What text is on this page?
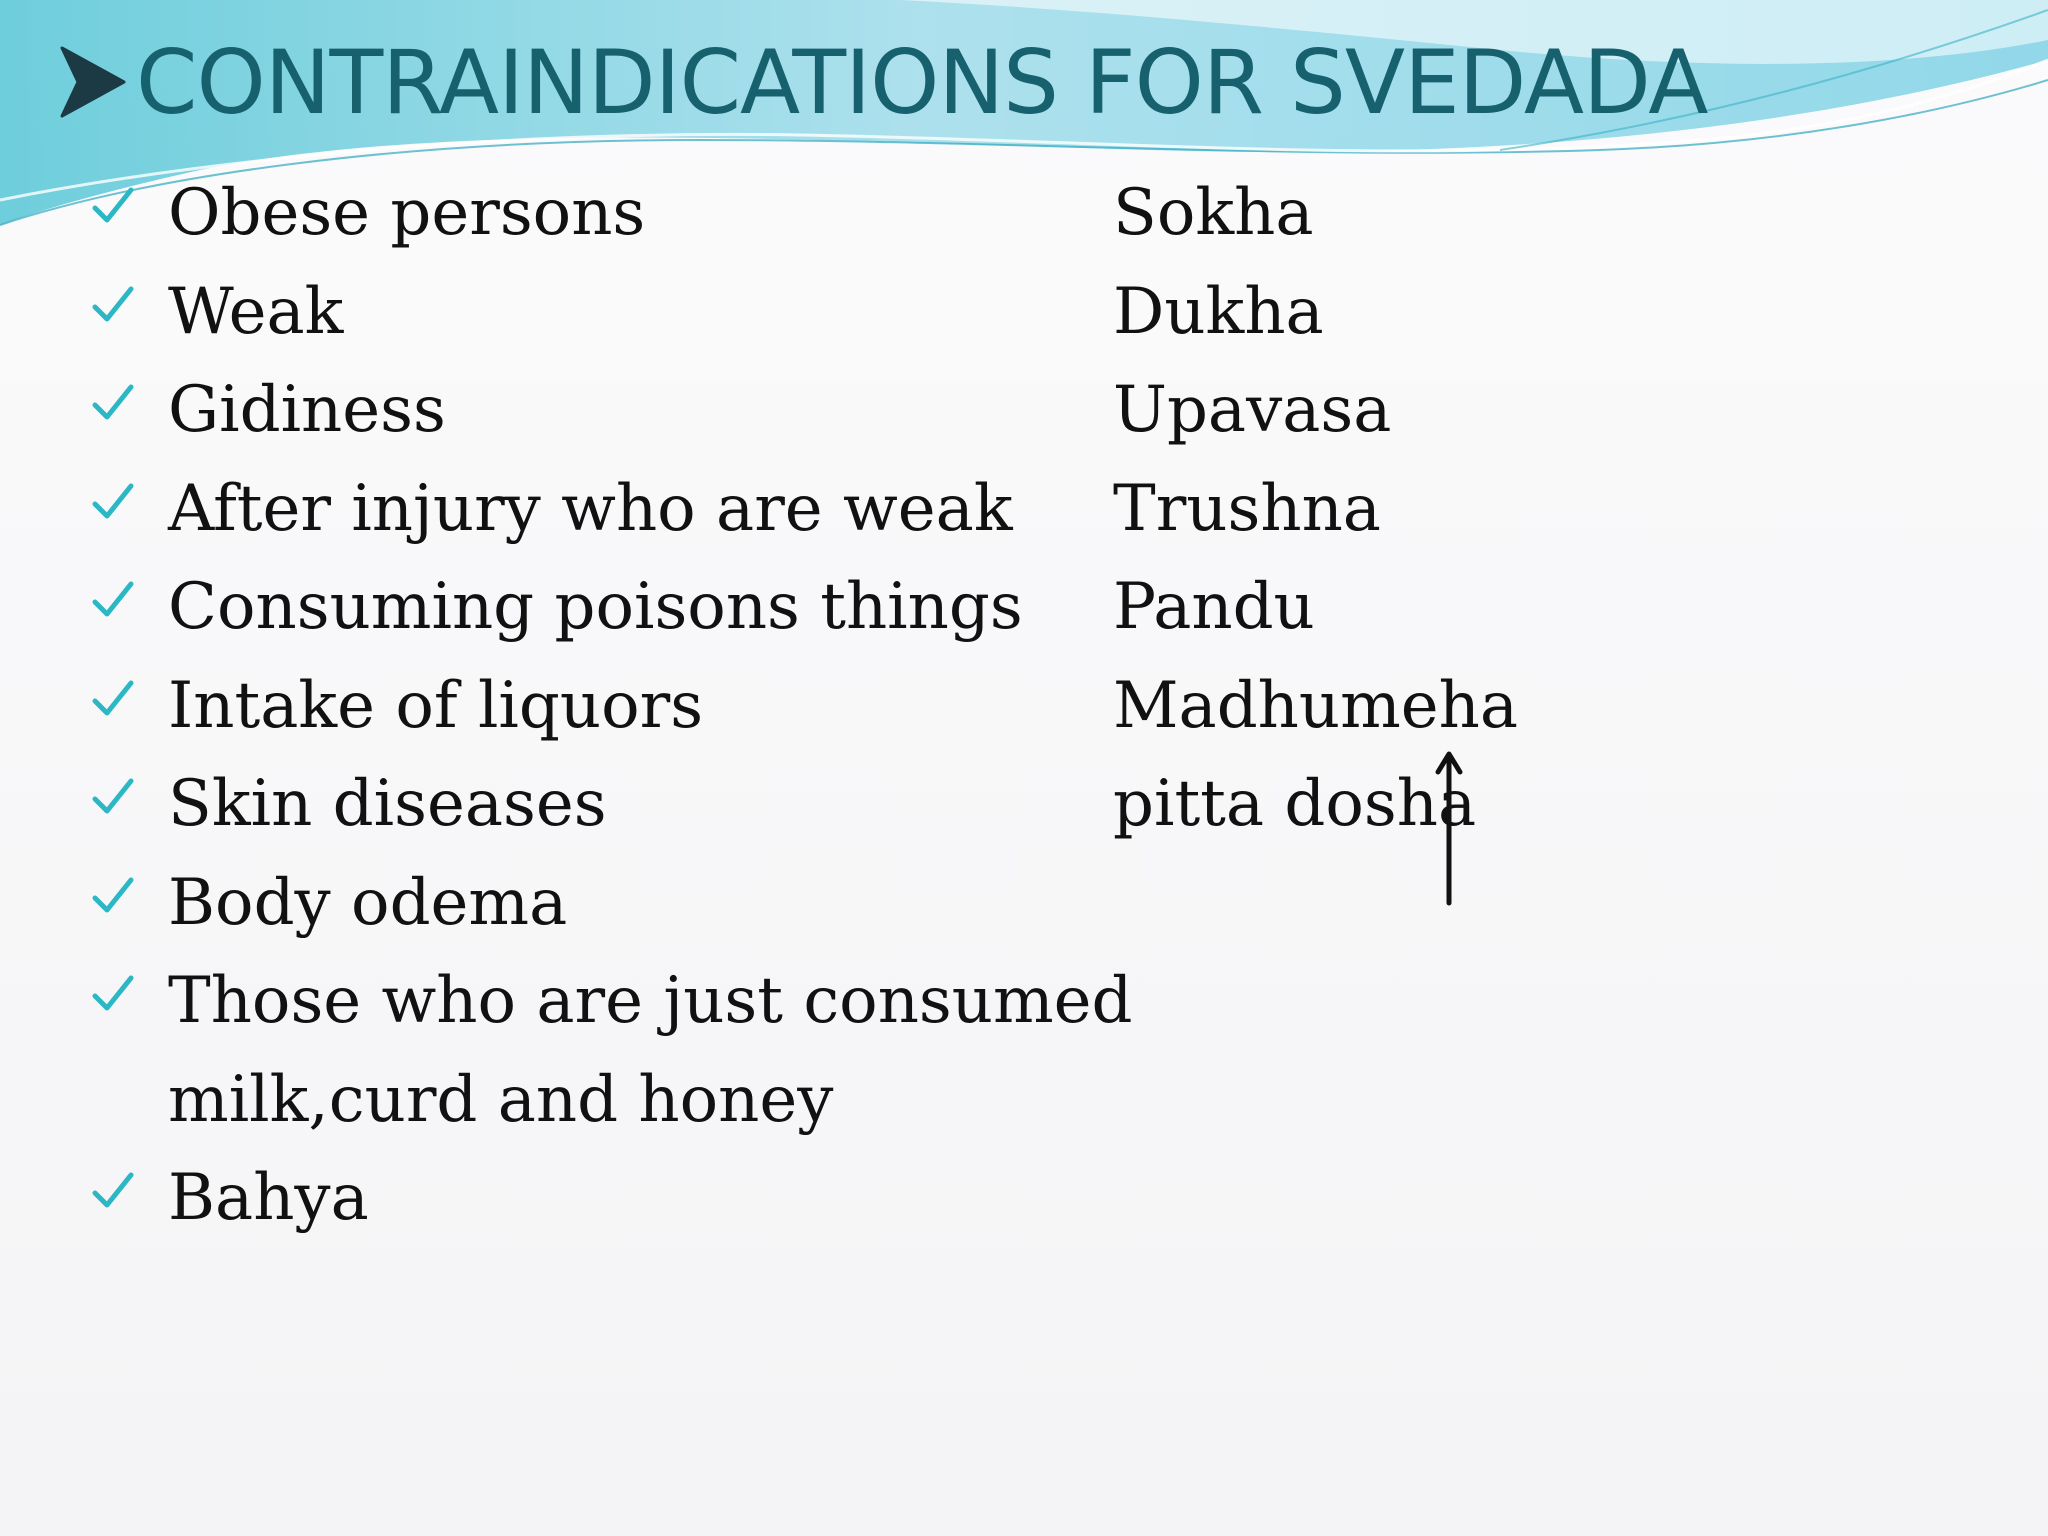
CONTRAINDICATIONS FOR SVEDADA
Obese persons
Weak
Gidiness
After injury who are weak
Consuming poisons things
Intake of liquors
Skin diseases
Body odema
Those who are just consumed
milk,curd and honey
Bahya
Sokha
Dukha
Upavasa
Trushna
Pandu
Madhumeha
pitta dosha
